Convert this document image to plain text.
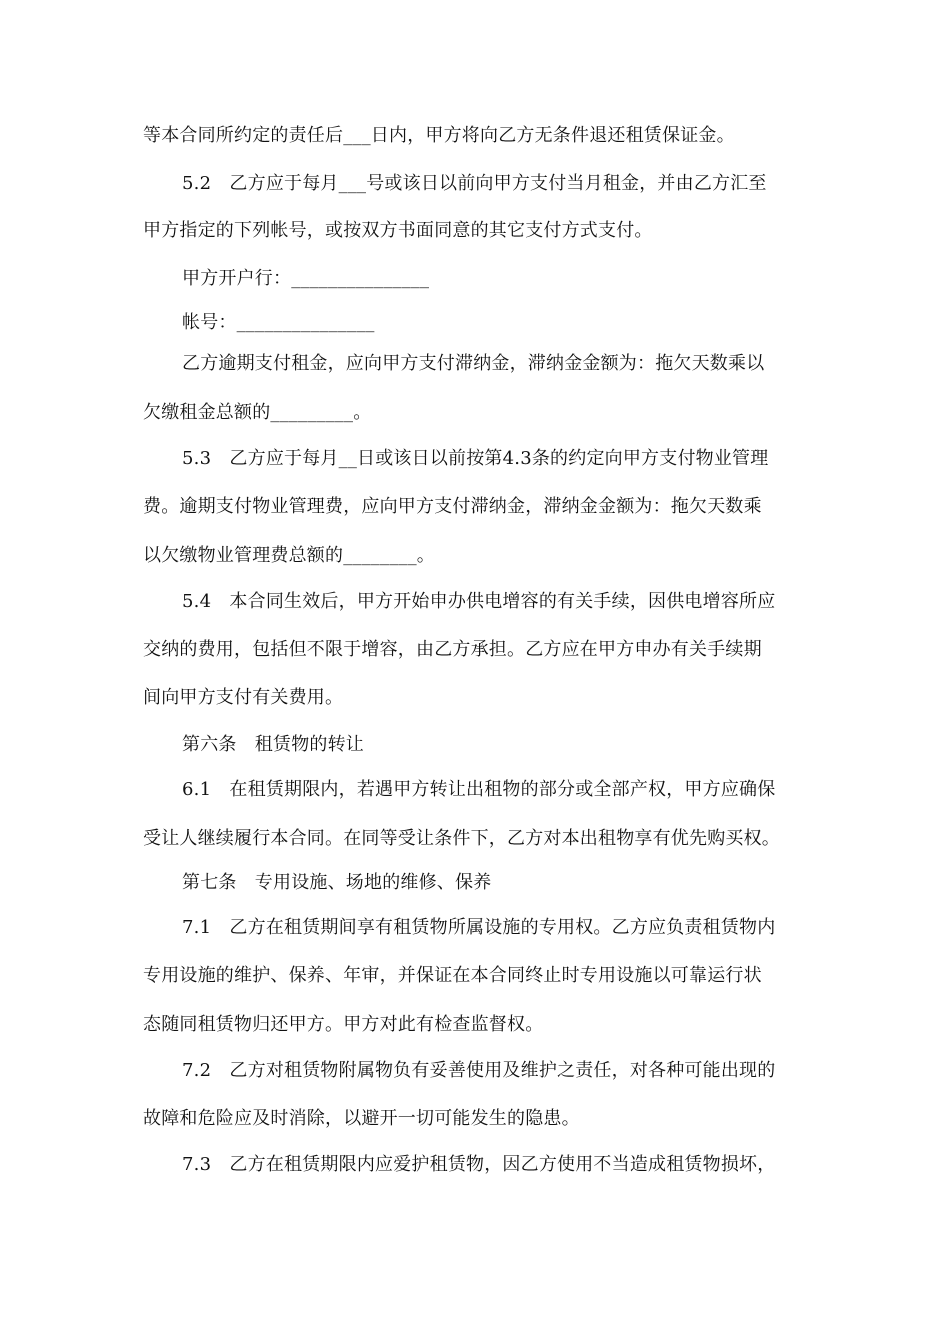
等本合同所约定的责任后___日内，甲方将向乙方无条件退还租赁保证金。
5.2　乙方应于每月___号或该日以前向甲方支付当月租金，并由乙方汇至
甲方指定的下列帐号，或按双方书面同意的其它支付方式支付。
甲方开户行：_______________
帐号：_______________
乙方逾期支付租金，应向甲方支付滞纳金，滞纳金金额为：拖欠天数乘以
欠缴租金总额的_________。
5.3　乙方应于每月__日或该日以前按第4.3条的约定向甲方支付物业管理
费。逾期支付物业管理费，应向甲方支付滞纳金，滞纳金金额为：拖欠天数乘
以欠缴物业管理费总额的________。
5.4　本合同生效后，甲方开始申办供电增容的有关手续，因供电增容所应
交纳的费用，包括但不限于增容，由乙方承担。乙方应在甲方申办有关手续期
间向甲方支付有关费用。
第六条　租赁物的转让
6.1　在租赁期限内，若遇甲方转让出租物的部分或全部产权，甲方应确保
受让人继续履行本合同。在同等受让条件下，乙方对本出租物享有优先购买权。
第七条　专用设施、场地的维修、保养
7.1　乙方在租赁期间享有租赁物所属设施的专用权。乙方应负责租赁物内
专用设施的维护、保养、年审，并保证在本合同终止时专用设施以可靠运行状
态随同租赁物归还甲方。甲方对此有检查监督权。
7.2　乙方对租赁物附属物负有妥善使用及维护之责任，对各种可能出现的
故障和危险应及时消除，以避开一切可能发生的隐患。
7.3　乙方在租赁期限内应爱护租赁物，因乙方使用不当造成租赁物损坏，
